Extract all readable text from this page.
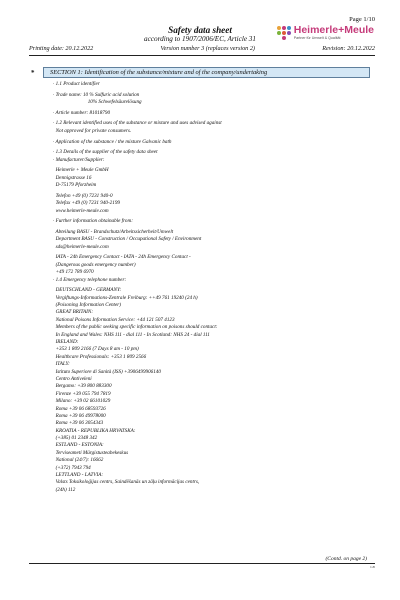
Page 1/10
Heimerle+Meule
Partner für Umwelt & Qualität
Safety data sheet
according to 1907/2006/EC, Article 31
Printing date: 20.12.2022	Version number 3 (replaces version 2)	Revision: 20.12.2022
* SECTION 1: Identification of the substance/mixture and of the company/undertaking
· 1.1 Product identifier
· Trade name: 10 % Sulfuric acid solution
10% Schwefelsäurelösung
· Article number: 81018790
· 1.2 Relevant identified uses of the substance or mixture and uses advised against
Not approved for private consumers.
· Application of the substance / the mixture Galvanic bath
· 1.3 Details of the supplier of the safety data sheet
· Manufacturer/Supplier:
Heimerle + Meule GmbH
Dennigstrasse 16
D-75179 Pforzheim
Telefon +49 (0) 7231 940-0
Telefax +49 (0) 7231 940-2199
www.heimerle-meule.com
· Further information obtainable from:
Abteilung BASU - Brandschutz/Arbeitssicherheit/Umwelt
Department BASU - Construction / Occupational Safety / Environment
sds@heimerle-meule.com
IATA - 24h Emergency Contact - IATA - 24h Emergency Contact -
(Dangerous goods emergency number)
+49 172 789 6970
· 1.4 Emergency telephone number:
DEUTSCHLAND - GERMANY:
Vergiftungs-Informations-Zentrale Freiburg: ++49 761 19240 (24 h)
(Poisoning Information Center)
GREAT BRITAIN:
National Poisons Information Service: +44 121 507 4123
Members of the public seeking specific information on poisons should contact:
In England and Wales: NHS 111 - dial 111 - In Scotland: NHS 24 - dial 111
IRELAND:
+353 1 809 2166 (7 Days 8 am - 10 pm)
Healthcare Professionals: +353 1 809 2566
ITALY:
Istituto Superiore di Sanità (ISS) +3906499906140
Centro Antiveleni
Bergamo: +39 800 883300
Firenze +39 055 794 7819
Milano: +39 02 66101029
Roma +39 06 68593726
Roma +39 06 49978000
Roma +39 06 3054343
KROATIA - REPUBLIKA HRVATSKA:
(+385) 01 2348 342
ESTLAND - ESTONIA:
Terviseameti Mürgistusteabekeskus
National (24/7): 16662
(+372) 7943 794
LETTLAND - LATVIA:
Valsts Toksikoloģijas centrs, Saindēšanās un zāļu informācijas centrs,
(24h) 112
(Contd. on page 2)
GB
